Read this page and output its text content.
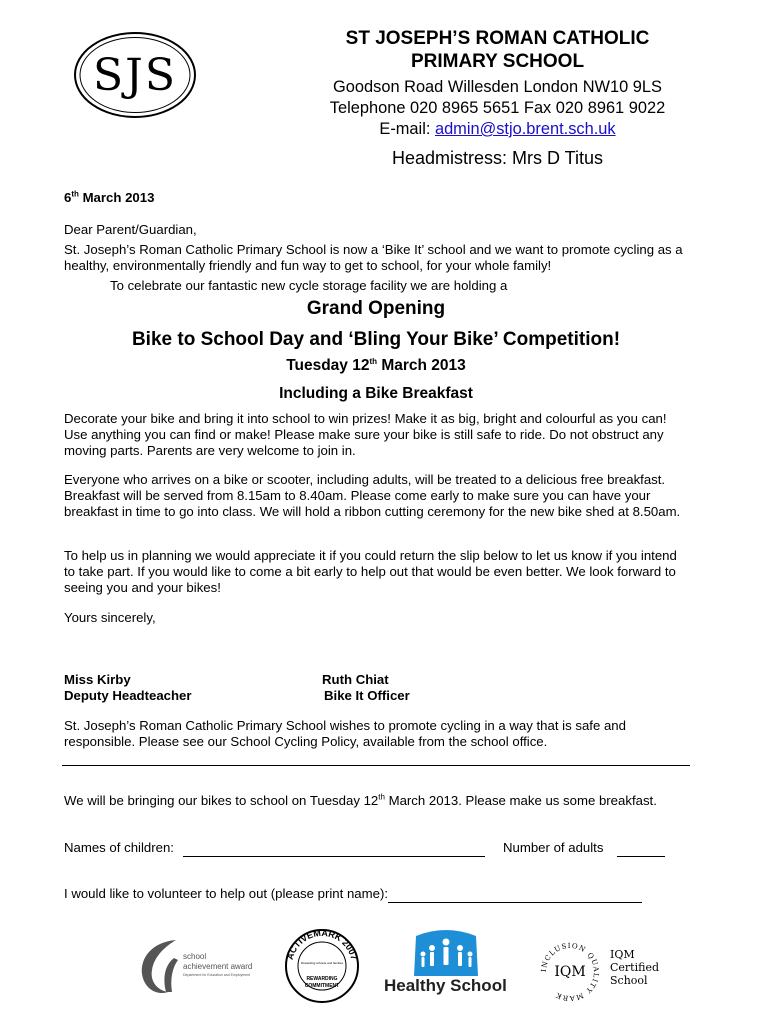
SJS
ST JOSEPH’S ROMAN CATHOLIC
PRIMARY SCHOOL
Goodson Road Willesden London NW10 9LS
Telephone 020 8965 5651 Fax 020 8961 9022
E-mail: admin@stjo.brent.sch.uk
Headmistress: Mrs D Titus
6th March 2013
Dear Parent/Guardian,

St. Joseph’s Roman Catholic Primary School is now a ‘Bike It’ school and we want to promote cycling as a healthy, environmentally friendly and fun way to get to school, for your whole family!

To celebrate our fantastic new cycle storage facility we are holding a
Grand Opening
Bike to School Day and ‘Bling Your Bike’ Competition!
Tuesday 12th March 2013
Including a Bike Breakfast

Decorate your bike and bring it into school to win prizes! Make it as big, bright and colourful as you can! Use anything you can find or make! Please make sure your bike is still safe to ride. Do not obstruct any moving parts. Parents are very welcome to join in.

Everyone who arrives on a bike or scooter, including adults, will be treated to a delicious free breakfast. Breakfast will be served from 8.15am to 8.40am. Please come early to make sure you can have your breakfast in time to go into class. We will hold a ribbon cutting ceremony for the new bike shed at 8.50am.

To help us in planning we would appreciate it if you could return the slip below to let us know if you intend to take part. If you would like to come a bit early to help out that would be even better. We look forward to seeing you and your bikes!

Yours sincerely,
Miss Kirby
Deputy Headteacher
Ruth Chiat
Bike It Officer

St. Joseph’s Roman Catholic Primary School wishes to promote cycling in a way that is safe and responsible. Please see our School Cycling Policy, available from the school office.

We will be bringing our bikes to school on Tuesday 12th March 2013. Please make us some breakfast.

Names of children:	Number of adults
I would like to volunteer to help out (please print name):
school
achievement award
Department for Education and Employment
ACTIVEMARK 2007
Rewarding schools and families
REWARDING
COMMITMENT	Healthy School
INCLUSION QUALITY MARK
IQM
IQM
Certified
School
